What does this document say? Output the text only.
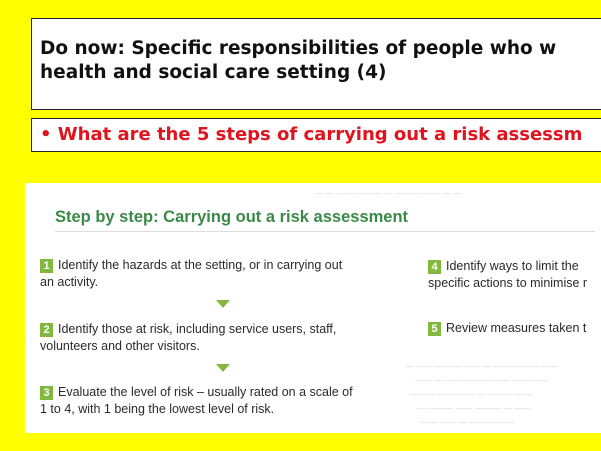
Do now: Specific responsibilities of people who w
health and social care setting (4)
• What are the 5 steps of carrying out a risk assessm
— — —— ——— — ——— —— — —
Step by step: Carrying out a risk assessment
1 Identify the hazards at the setting, or in carrying out
an activity.
2 Identify those at risk, including service users, staff,
volunteers and other visitors.
3 Evaluate the level of risk – usually rated on a scale of
1 to 4, with 1 being the lowest level of risk.
4 Identify ways to limit the
specific actions to minimise r
5 Review measures taken t
— —— ——— —— — ——— —— ——
—— — —— ——— —— —— ——
——— —— —— — ——— ——
— ——— —— ——— — ——
—— —— — ——— ——
